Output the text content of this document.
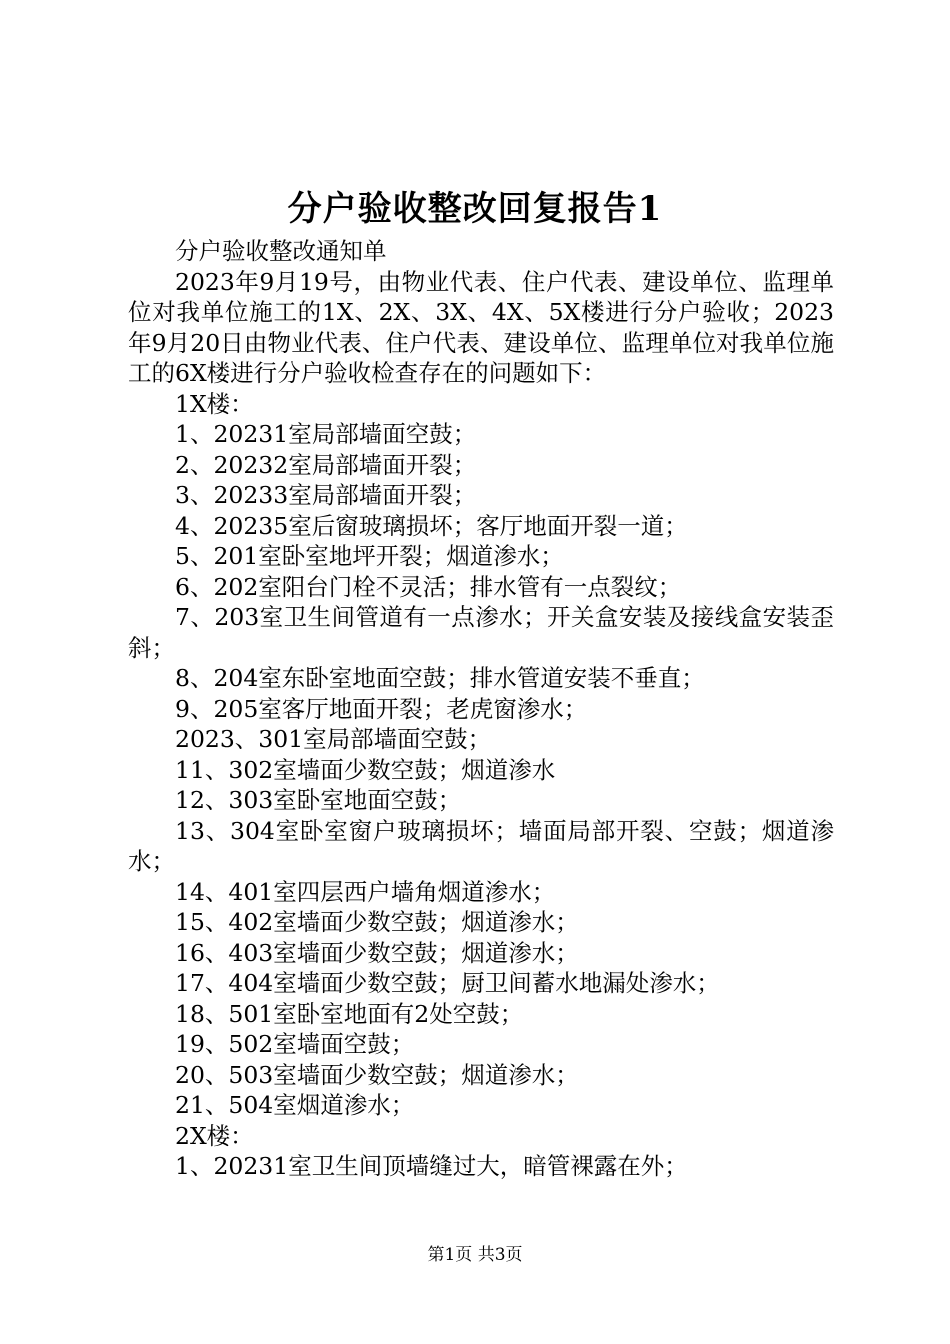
分户验收整改回复报告1

分户验收整改通知单

2023年9月19号，由物业代表、住户代表、建设单位、监理单位对我单位施工的1X、2X、3X、4X、5X楼进行分户验收；2023年9月20日由物业代表、住户代表、建设单位、监理单位对我单位施工的6X楼进行分户验收检查存在的问题如下：

1X楼：

1、20231室局部墙面空鼓；

2、20232室局部墙面开裂；

3、20233室局部墙面开裂；

4、20235室后窗玻璃损坏；客厅地面开裂一道；

5、201室卧室地坪开裂；烟道渗水；

6、202室阳台门栓不灵活；排水管有一点裂纹；

7、203室卫生间管道有一点渗水；开关盒安装及接线盒安装歪斜；

8、204室东卧室地面空鼓；排水管道安装不垂直；

9、205室客厅地面开裂；老虎窗渗水；

2023、301室局部墙面空鼓；

11、302室墙面少数空鼓；烟道渗水

12、303室卧室地面空鼓；

13、304室卧室窗户玻璃损坏；墙面局部开裂、空鼓；烟道渗水；

14、401室四层西户墙角烟道渗水；

15、402室墙面少数空鼓；烟道渗水；

16、403室墙面少数空鼓；烟道渗水；

17、404室墙面少数空鼓；厨卫间蓄水地漏处渗水；

18、501室卧室地面有2处空鼓；

19、502室墙面空鼓；

20、503室墙面少数空鼓；烟道渗水；

21、504室烟道渗水；

2X楼：

1、20231室卫生间顶墙缝过大，暗管裸露在外；

第1页 共3页
